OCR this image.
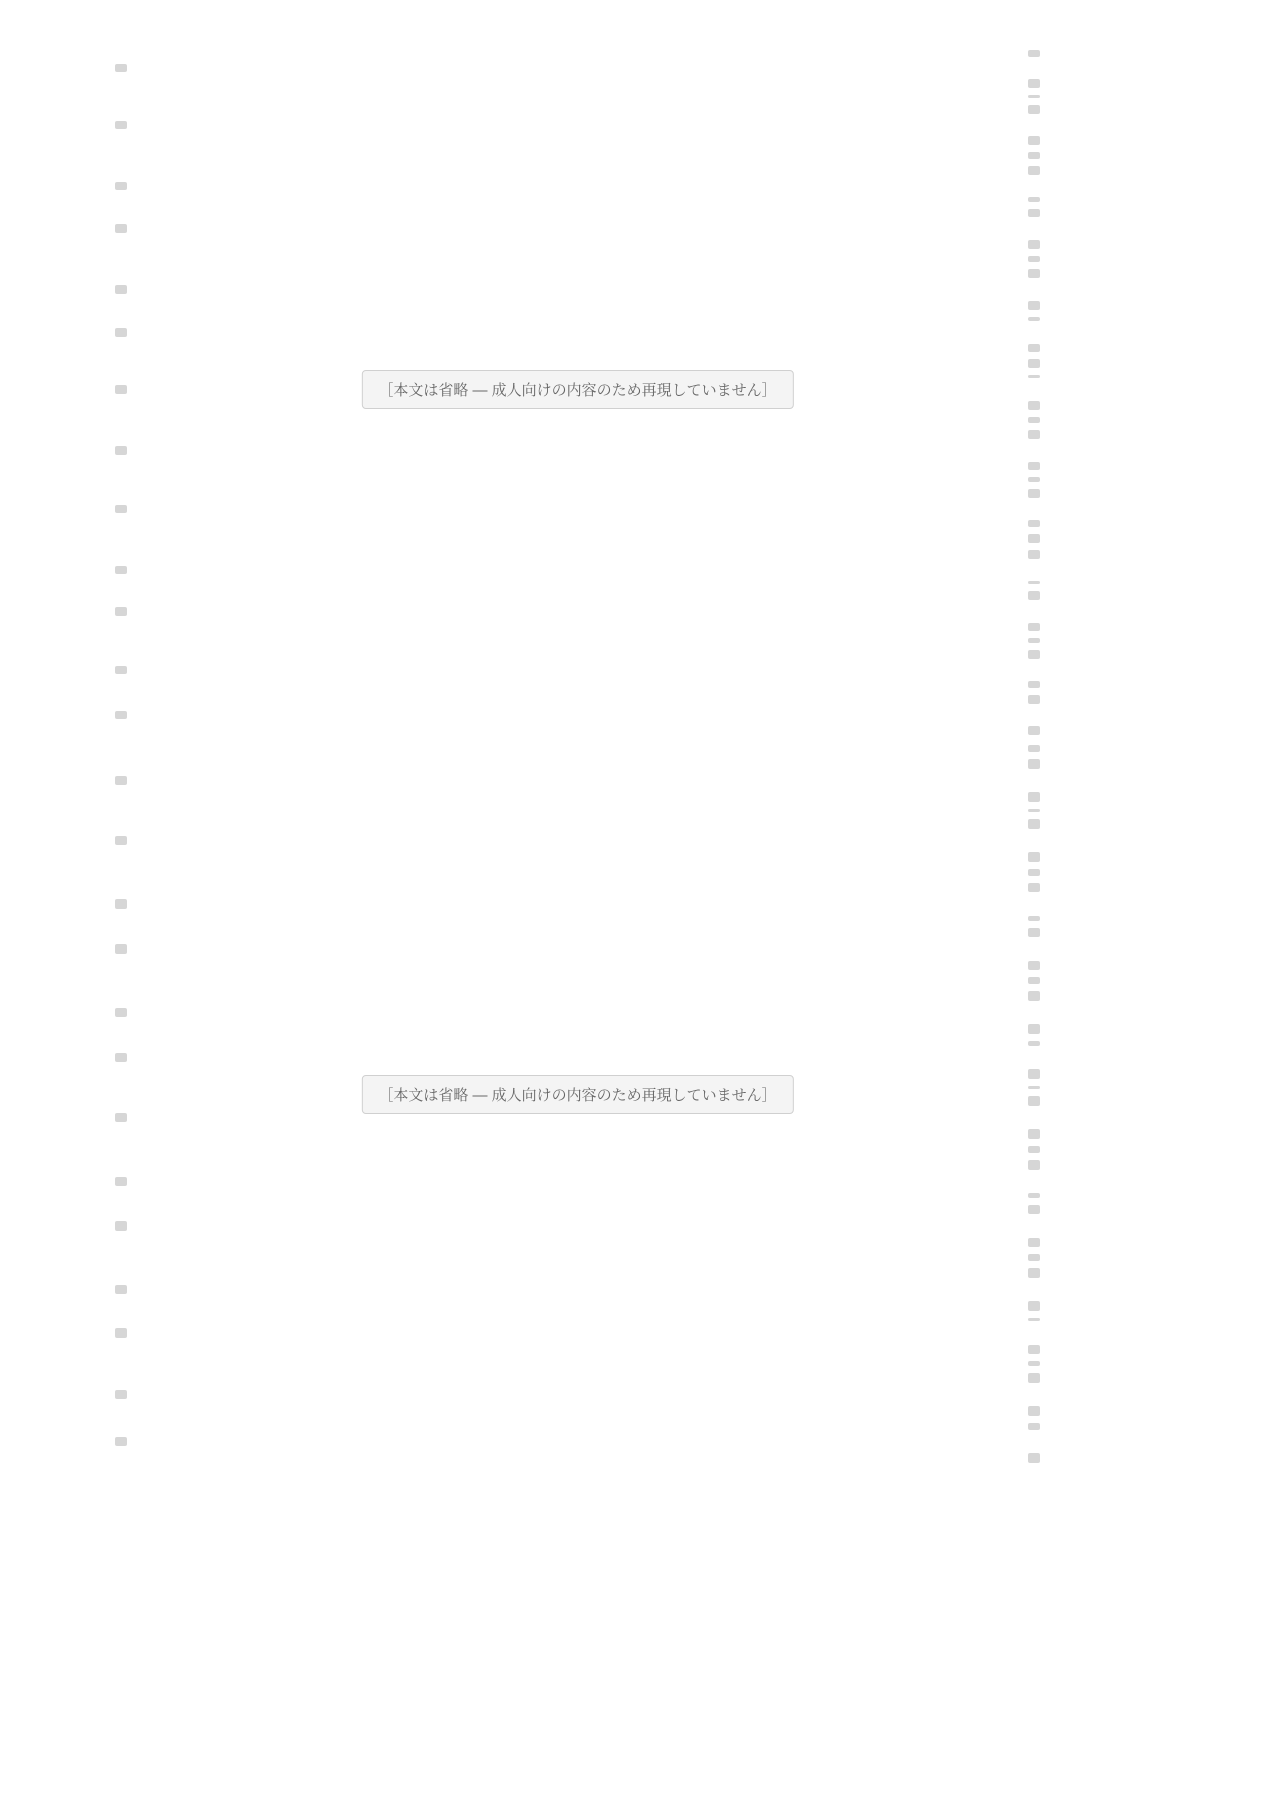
［本文は省略 — 成人向けの内容のため再現していません］
［本文は省略 — 成人向けの内容のため再現していません］
